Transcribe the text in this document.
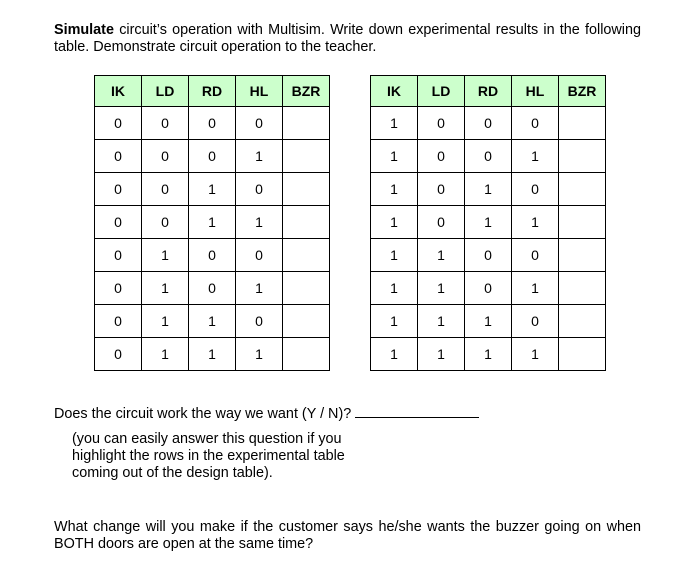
Simulate circuit’s operation with Multisim. Write down experimental results in the following table. Demonstrate circuit operation to the teacher.
IK	LD	RD	HL	BZR
0	0	0	0	
0	0	0	1	
0	0	1	0	
0	0	1	1	
0	1	0	0	
0	1	0	1	
0	1	1	0	
0	1	1	1	
IK	LD	RD	HL	BZR
1	0	0	0	
1	0	0	1	
1	0	1	0	
1	0	1	1	
1	1	0	0	
1	1	0	1	
1	1	1	0	
1	1	1	1	
Does the circuit work the way we want (Y / N)?
(you can easily answer this question if you highlight the rows in the experimental table coming out of the design table).
What change will you make if the customer says he/she wants the buzzer going on when BOTH doors are open at the same time?
